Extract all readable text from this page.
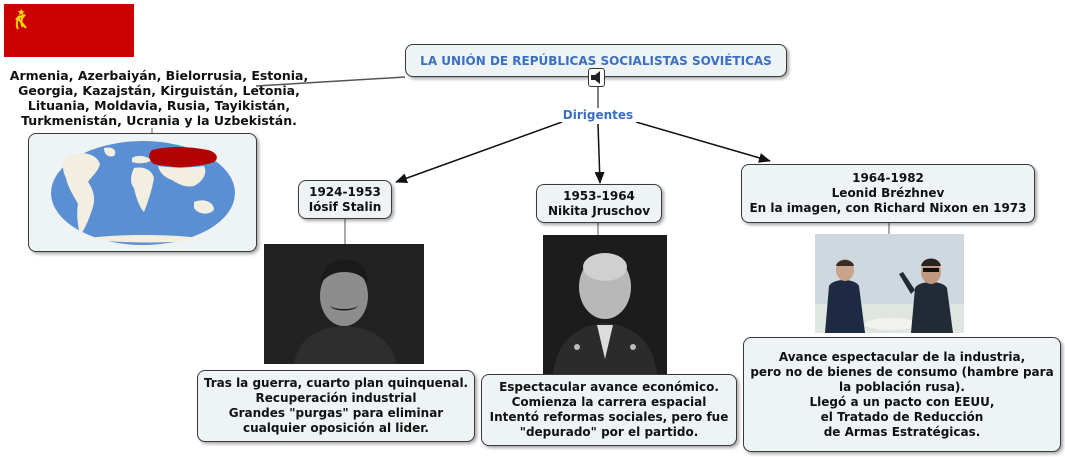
Armenia, Azerbaiyán, Bielorrusia, Estonia,
Georgia, Kazajstán, Kirguistán, Letonia,
Lituania, Moldavia, Rusia, Tayikistán,
Turkmenistán, Ucrania y la Uzbekistán.
LA UNIÓN DE REPÚBLICAS SOCIALISTAS SOVIÉTICAS
Dirigentes
1924-1953
Iósif Stalin
1953-1964
Nikita Jruschov
1964-1982
Leonid Brézhnev
En la imagen, con Richard Nixon en 1973
Tras la guerra, cuarto plan quinquenal.
Recuperación industrial
Grandes "purgas" para eliminar
cualquier oposición al lider.
Espectacular avance económico.
Comienza la carrera espacial
Intentó reformas sociales, pero fue
"depurado" por el partido.
Avance espectacular de la industria,
pero no de bienes de consumo (hambre para
la población rusa).
Llegó a un pacto con EEUU,
el Tratado de Reducción
de Armas Estratégicas.
